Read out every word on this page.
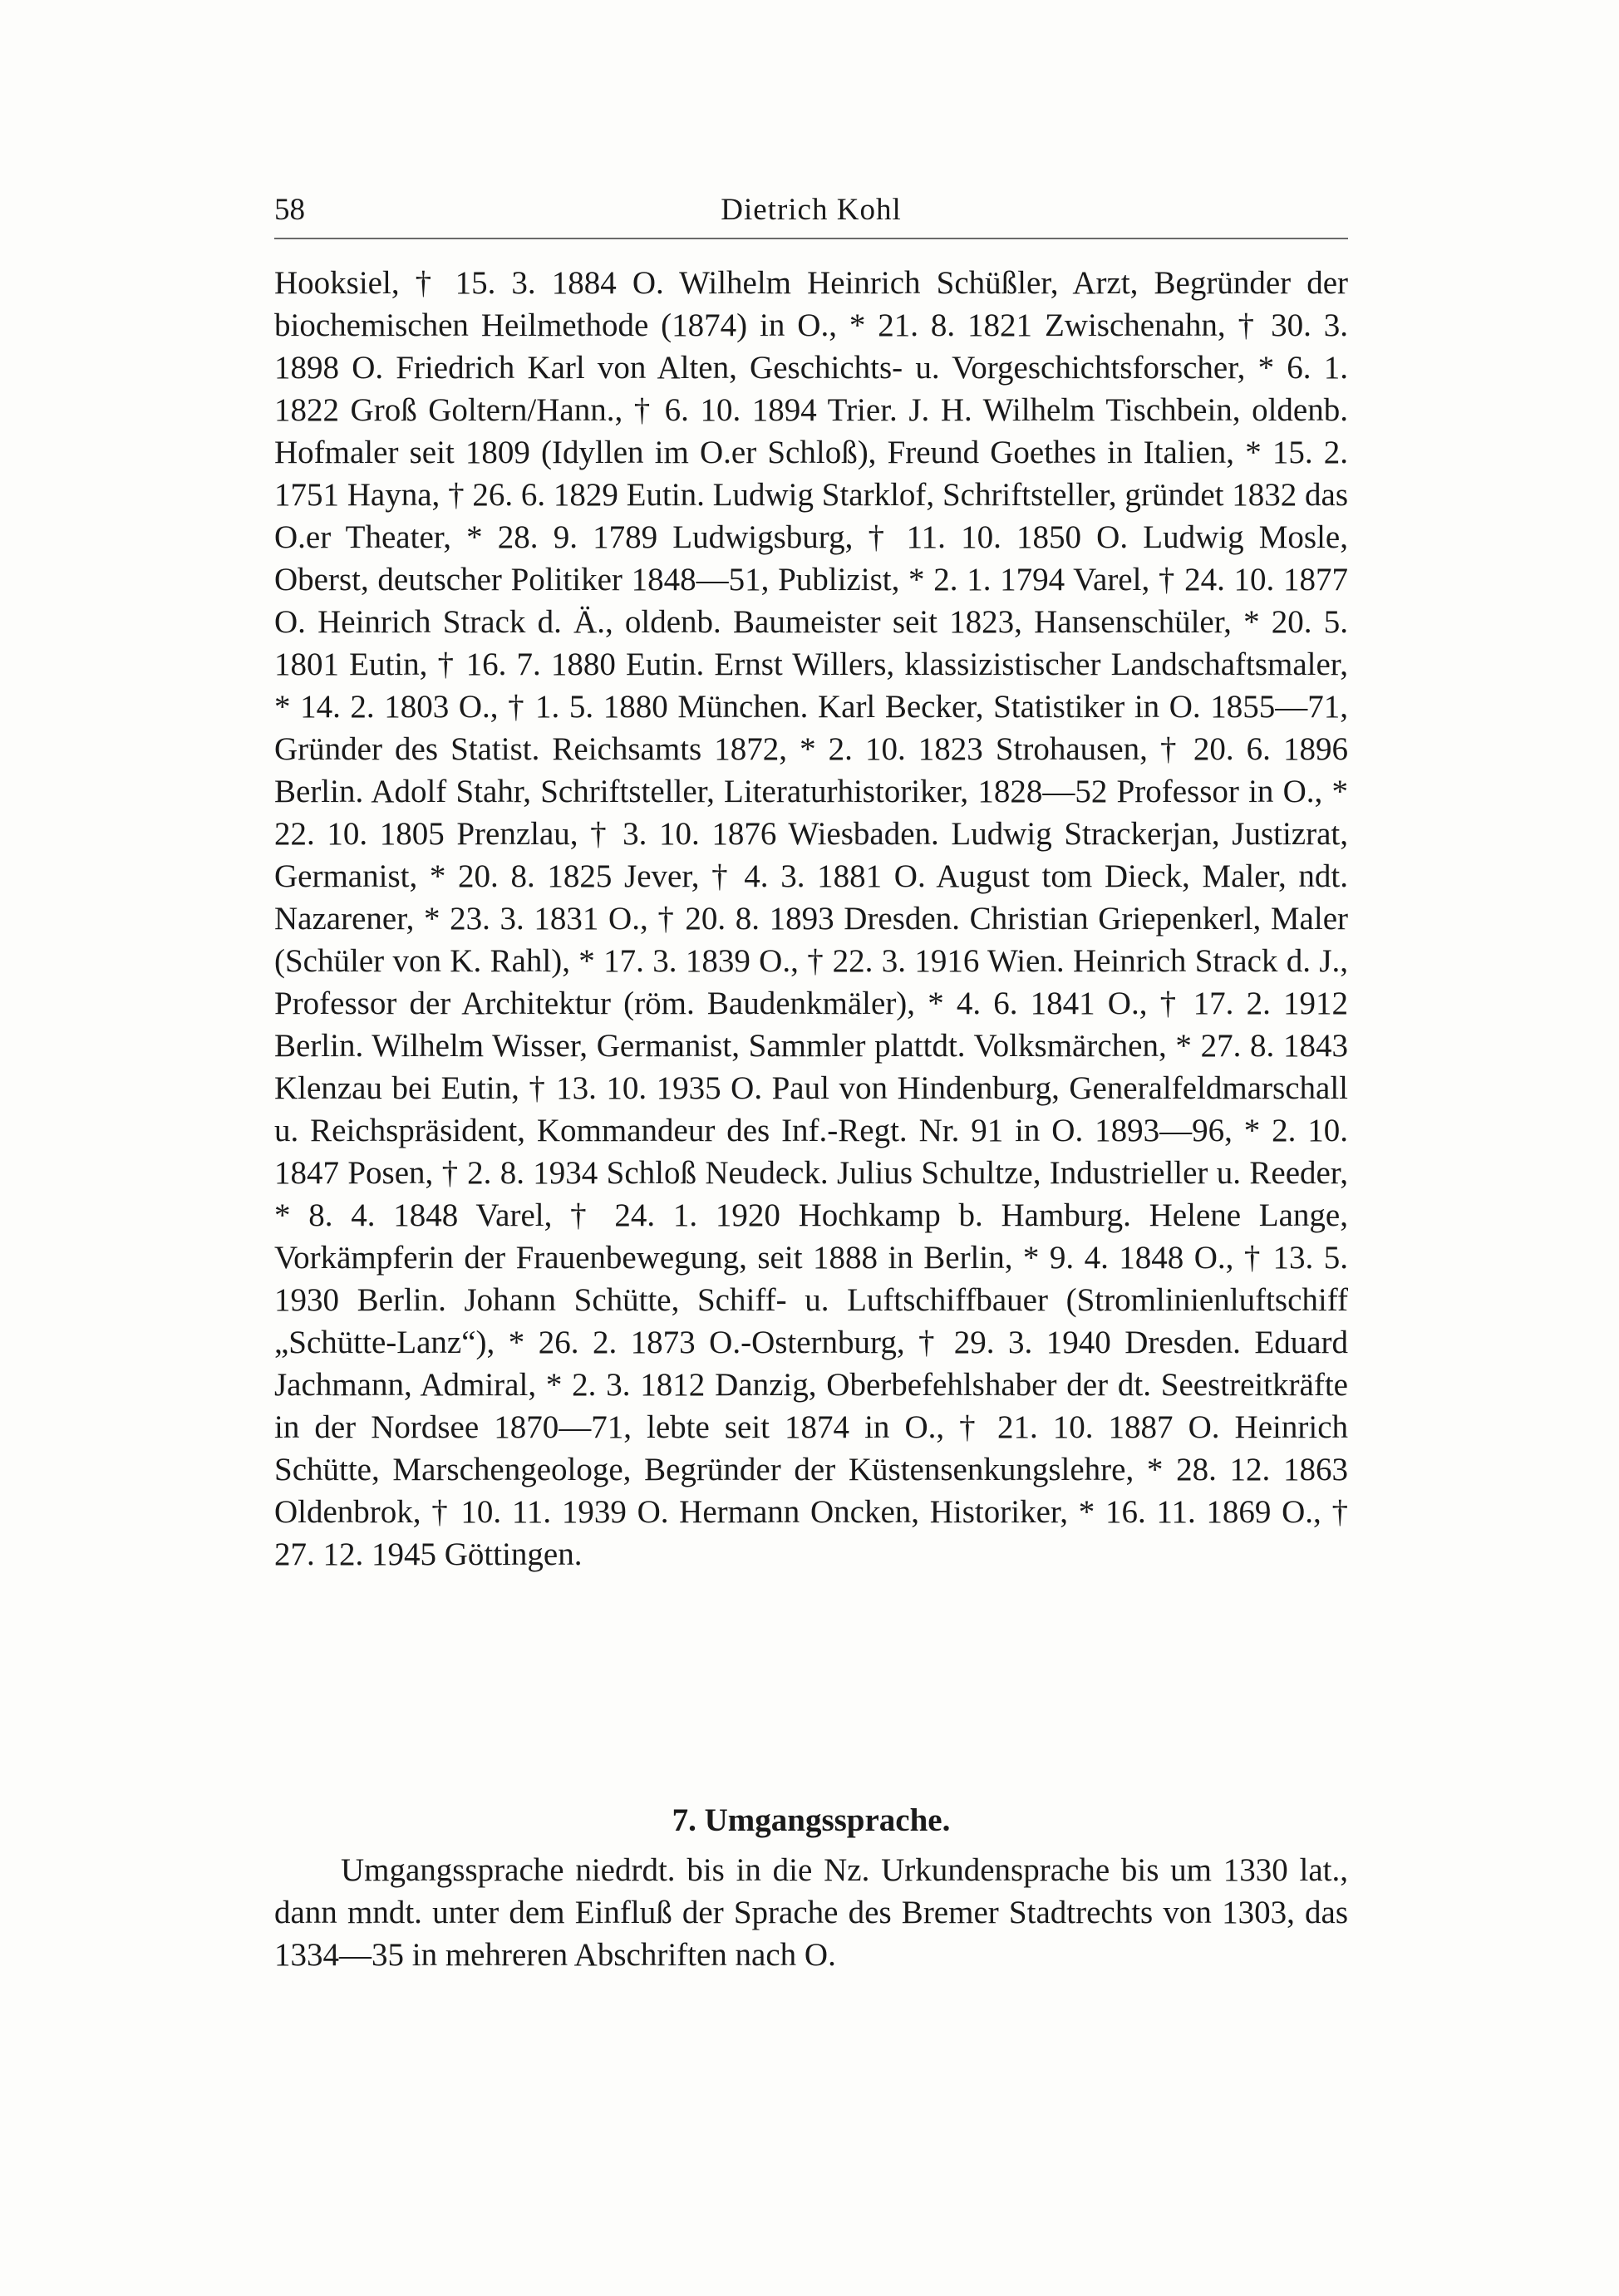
58	Dietrich Kohl

Hooksiel, † 15. 3. 1884 O. Wilhelm Heinrich Schüßler, Arzt, Begründer der biochemischen Heilmethode (1874) in O., * 21. 8. 1821 Zwischenahn, † 30. 3. 1898 O. Friedrich Karl von Alten, Geschichts- u. Vorgeschichtsforscher, * 6. 1. 1822 Groß Goltern/Hann., † 6. 10. 1894 Trier. J. H. Wilhelm Tischbein, oldenb. Hofmaler seit 1809 (Idyllen im O.er Schloß), Freund Goethes in Italien, * 15. 2. 1751 Hayna, † 26. 6. 1829 Eutin. Ludwig Starklof, Schriftsteller, gründet 1832 das O.er Theater, * 28. 9. 1789 Ludwigsburg, † 11. 10. 1850 O. Ludwig Mosle, Oberst, deutscher Politiker 1848—51, Publizist, * 2. 1. 1794 Varel, † 24. 10. 1877 O. Heinrich Strack d. Ä., oldenb. Baumeister seit 1823, Hansenschüler, * 20. 5. 1801 Eutin, † 16. 7. 1880 Eutin. Ernst Willers, klassizistischer Landschaftsmaler, * 14. 2. 1803 O., † 1. 5. 1880 München. Karl Becker, Statistiker in O. 1855—71, Gründer des Statist. Reichsamts 1872, * 2. 10. 1823 Strohausen, † 20. 6. 1896 Berlin. Adolf Stahr, Schriftsteller, Literaturhistoriker, 1828—52 Professor in O., * 22. 10. 1805 Prenzlau, † 3. 10. 1876 Wiesbaden. Ludwig Strackerjan, Justizrat, Germanist, * 20. 8. 1825 Jever, † 4. 3. 1881 O. August tom Dieck, Maler, ndt. Nazarener, * 23. 3. 1831 O., † 20. 8. 1893 Dresden. Christian Griepenkerl, Maler (Schüler von K. Rahl), * 17. 3. 1839 O., † 22. 3. 1916 Wien. Heinrich Strack d. J., Professor der Architektur (röm. Baudenkmäler), * 4. 6. 1841 O., † 17. 2. 1912 Berlin. Wilhelm Wisser, Germanist, Sammler plattdt. Volksmärchen, * 27. 8. 1843 Klenzau bei Eutin, † 13. 10. 1935 O. Paul von Hindenburg, Generalfeldmarschall u. Reichspräsident, Kommandeur des Inf.-Regt. Nr. 91 in O. 1893—96, * 2. 10. 1847 Posen, † 2. 8. 1934 Schloß Neudeck. Julius Schultze, Industrieller u. Reeder, * 8. 4. 1848 Varel, † 24. 1. 1920 Hochkamp b. Hamburg. Helene Lange, Vorkämpferin der Frauenbewegung, seit 1888 in Berlin, * 9. 4. 1848 O., † 13. 5. 1930 Berlin. Johann Schütte, Schiff- u. Luftschiffbauer (Stromlinienluftschiff „Schütte-Lanz“), * 26. 2. 1873 O.-Osternburg, † 29. 3. 1940 Dresden. Eduard Jachmann, Admiral, * 2. 3. 1812 Danzig, Oberbefehlshaber der dt. Seestreitkräfte in der Nordsee 1870—71, lebte seit 1874 in O., † 21. 10. 1887 O. Heinrich Schütte, Marschengeologe, Begründer der Küstensenkungslehre, * 28. 12. 1863 Oldenbrok, † 10. 11. 1939 O. Hermann Oncken, Historiker, * 16. 11. 1869 O., † 27. 12. 1945 Göttingen.

7. Umgangssprache.

Umgangssprache niedrdt. bis in die Nz. Urkundensprache bis um 1330 lat., dann mndt. unter dem Einfluß der Sprache des Bremer Stadtrechts von 1303, das 1334—35 in mehreren Abschriften nach O.
